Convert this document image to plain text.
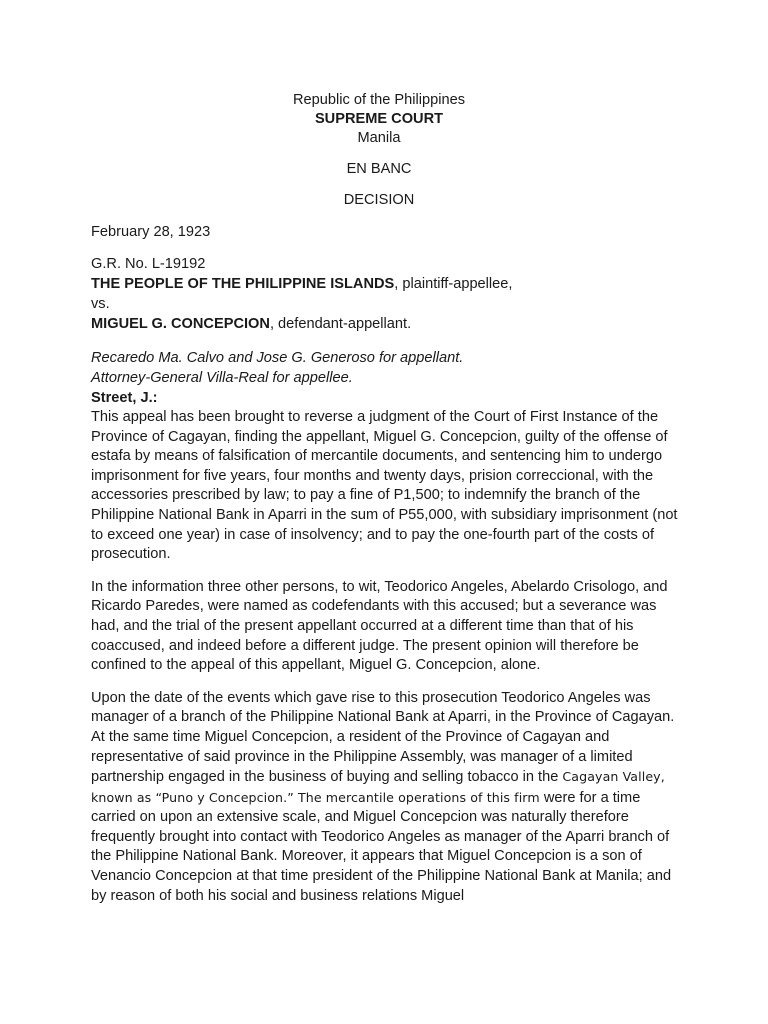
Republic of the Philippines
SUPREME COURT
Manila
EN BANC
DECISION
February 28, 1923
G.R. No. L-19192
THE PEOPLE OF THE PHILIPPINE ISLANDS, plaintiff-appellee,
vs.
MIGUEL G. CONCEPCION, defendant-appellant.
Recaredo Ma. Calvo and Jose G. Generoso for appellant.
Attorney-General Villa-Real for appellee.
Street, J.:

This appeal has been brought to reverse a judgment of the Court of First Instance of the Province of Cagayan, finding the appellant, Miguel G. Concepcion, guilty of the offense of estafa by means of falsification of mercantile documents, and sentencing him to undergo imprisonment for five years, four months and twenty days, prision correccional, with the accessories prescribed by law; to pay a fine of P1,500; to indemnify the branch of the Philippine National Bank in Aparri in the sum of P55,000, with subsidiary imprisonment (not to exceed one year) in case of insolvency; and to pay the one-fourth part of the costs of prosecution.

In the information three other persons, to wit, Teodorico Angeles, Abelardo Crisologo, and Ricardo Paredes, were named as codefendants with this accused; but a severance was had, and the trial of the present appellant occurred at a different time than that of his coaccused, and indeed before a different judge. The present opinion will therefore be confined to the appeal of this appellant, Miguel G. Concepcion, alone.

Upon the date of the events which gave rise to this prosecution Teodorico Angeles was manager of a branch of the Philippine National Bank at Aparri, in the Province of Cagayan. At the same time Miguel Concepcion, a resident of the Province of Cagayan and representative of said province in the Philippine Assembly, was manager of a limited partnership engaged in the business of buying and selling tobacco in the Cagayan Valley, known as “Puno y Concepcion.” The mercantile operations of this firm were for a time carried on upon an extensive scale, and Miguel Concepcion was naturally therefore frequently brought into contact with Teodorico Angeles as manager of the Aparri branch of the Philippine National Bank. Moreover, it appears that Miguel Concepcion is a son of Venancio Concepcion at that time president of the Philippine National Bank at Manila; and by reason of both his social and business relations Miguel
